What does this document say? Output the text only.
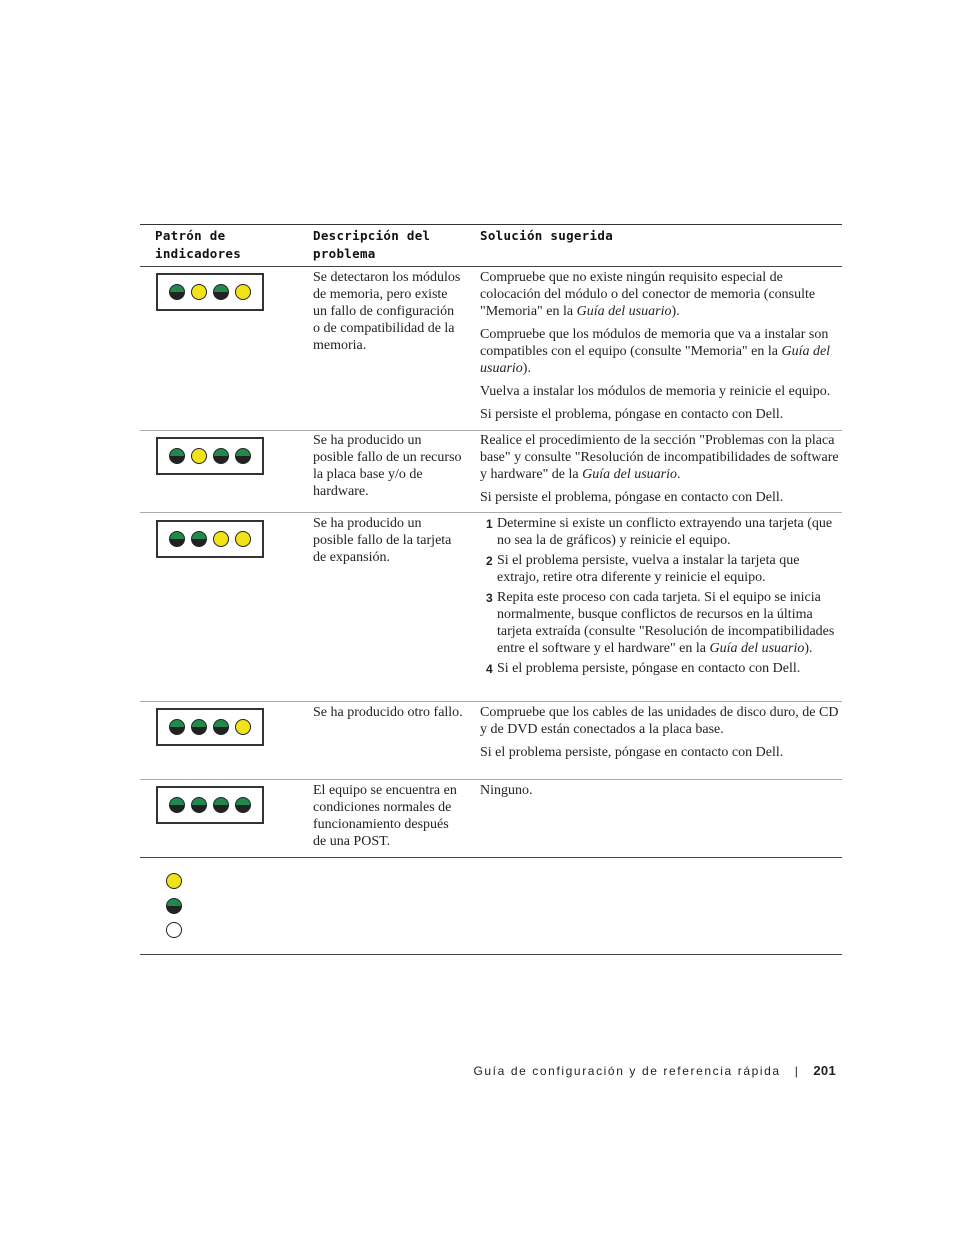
Patrón de
indicadores
Descripción del
problema
Solución sugerida
Se detectaron los módulos de memoria, pero existe un fallo de configuración o de compatibilidad de la memoria.

Compruebe que no existe ningún requisito especial de colocación del módulo o del conector de memoria (consulte "Memoria" en la Guía del usuario).

Compruebe que los módulos de memoria que va a instalar son compatibles con el equipo (consulte "Memoria" en la Guía del usuario).

Vuelva a instalar los módulos de memoria y reinicie el equipo.

Si persiste el problema, póngase en contacto con Dell.

Se ha producido un posible fallo de un recurso la placa base y/o de hardware.

Realice el procedimiento de la sección "Problemas con la placa base" y consulte "Resolución de incompatibilidades de software y hardware" de la Guía del usuario.

Si persiste el problema, póngase en contacto con Dell.

Se ha producido un posible fallo de la tarjeta de expansión.
1 Determine si existe un conflicto extrayendo una tarjeta (que no sea la de gráficos) y reinicie el equipo.
2 Si el problema persiste, vuelva a instalar la tarjeta que extrajo, retire otra diferente y reinicie el equipo.
3 Repita este proceso con cada tarjeta. Si el equipo se inicia normalmente, busque conflictos de recursos en la última tarjeta extraída (consulte "Resolución de incompatibilidades entre el software y el hardware" en la Guía del usuario).
4 Si el problema persiste, póngase en contacto con Dell.
Se ha producido otro fallo. Compruebe que los cables de las unidades de disco duro, de CD y de DVD están conectados a la placa base.

Si el problema persiste, póngase en contacto con Dell.

El equipo se encuentra en condiciones normales de funcionamiento después de una POST.

Ninguno.

Guía de configuración y de referencia rápida | 201
